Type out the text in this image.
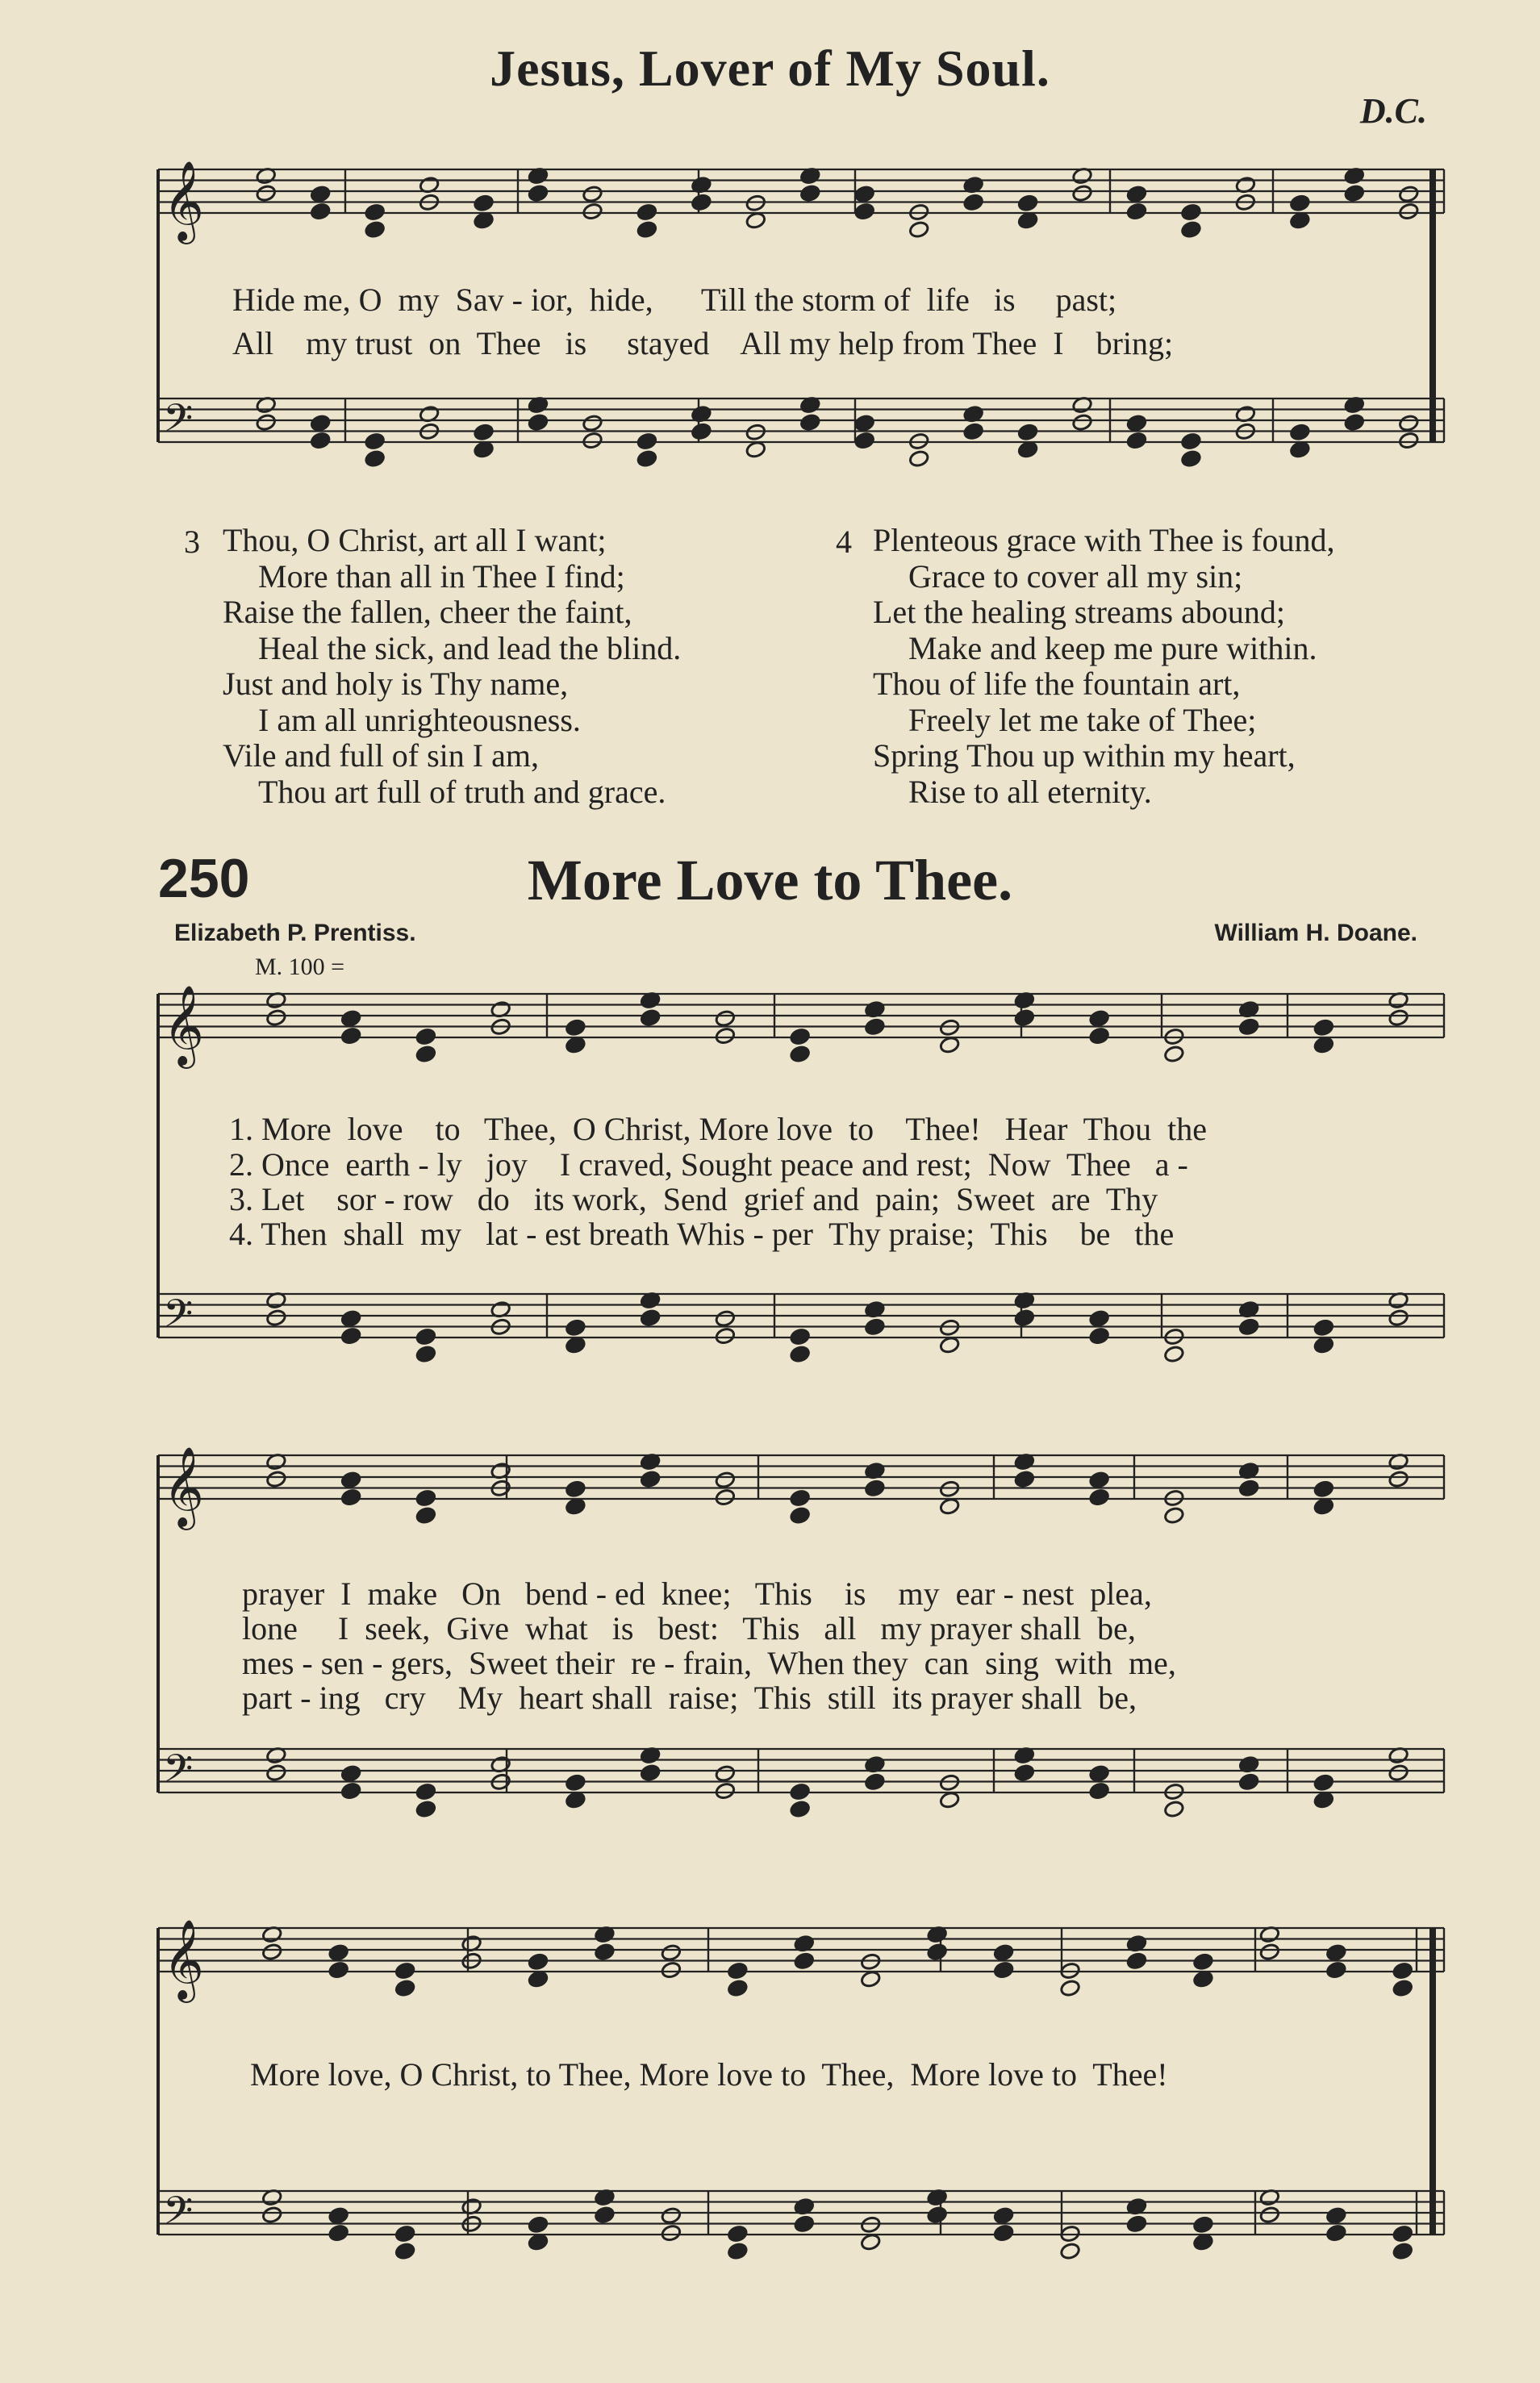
Jesus, Lover of My Soul.
D.C.
𝄞
𝄢
𝄞
𝄢
𝄞
𝄢
𝄞
𝄢
Hide me, O  my  Sav - ior,  hide,      Till the storm of  life   is     past;
All    my trust  on  Thee   is     stayed    All my help from Thee  I    bring;
3 Thou, O Christ, art all I want;
More than all in Thee I find;
Raise the fallen, cheer the faint,
Heal the sick, and lead the blind.
Just and holy is Thy name,
I am all unrighteousness.
Vile and full of sin I am,
Thou art full of truth and grace.
4 Plenteous grace with Thee is found,
Grace to cover all my sin;
Let the healing streams abound;
Make and keep me pure within.
Thou of life the fountain art,
Freely let me take of Thee;
Spring Thou up within my heart,
Rise to all eternity.
250	More Love to Thee.
Elizabeth P. Prentiss.	William H. Doane.
M. 100 =
1. More  love    to   Thee,  O Christ, More love  to    Thee!   Hear  Thou  the
2. Once  earth - ly   joy    I craved, Sought peace and rest;  Now  Thee   a -
3. Let    sor - row   do   its work,  Send  grief and  pain;  Sweet  are  Thy
4. Then  shall  my   lat - est breath Whis - per  Thy praise;  This    be   the
prayer  I  make   On   bend - ed  knee;   This    is    my  ear - nest  plea,
lone     I  seek,  Give  what   is   best:   This   all   my prayer shall  be,
mes - sen - gers,  Sweet their  re - frain,  When they  can  sing  with  me,
part - ing   cry    My  heart shall  raise;  This  still  its prayer shall  be,
More love, O Christ, to Thee, More love to  Thee,  More love to  Thee!
